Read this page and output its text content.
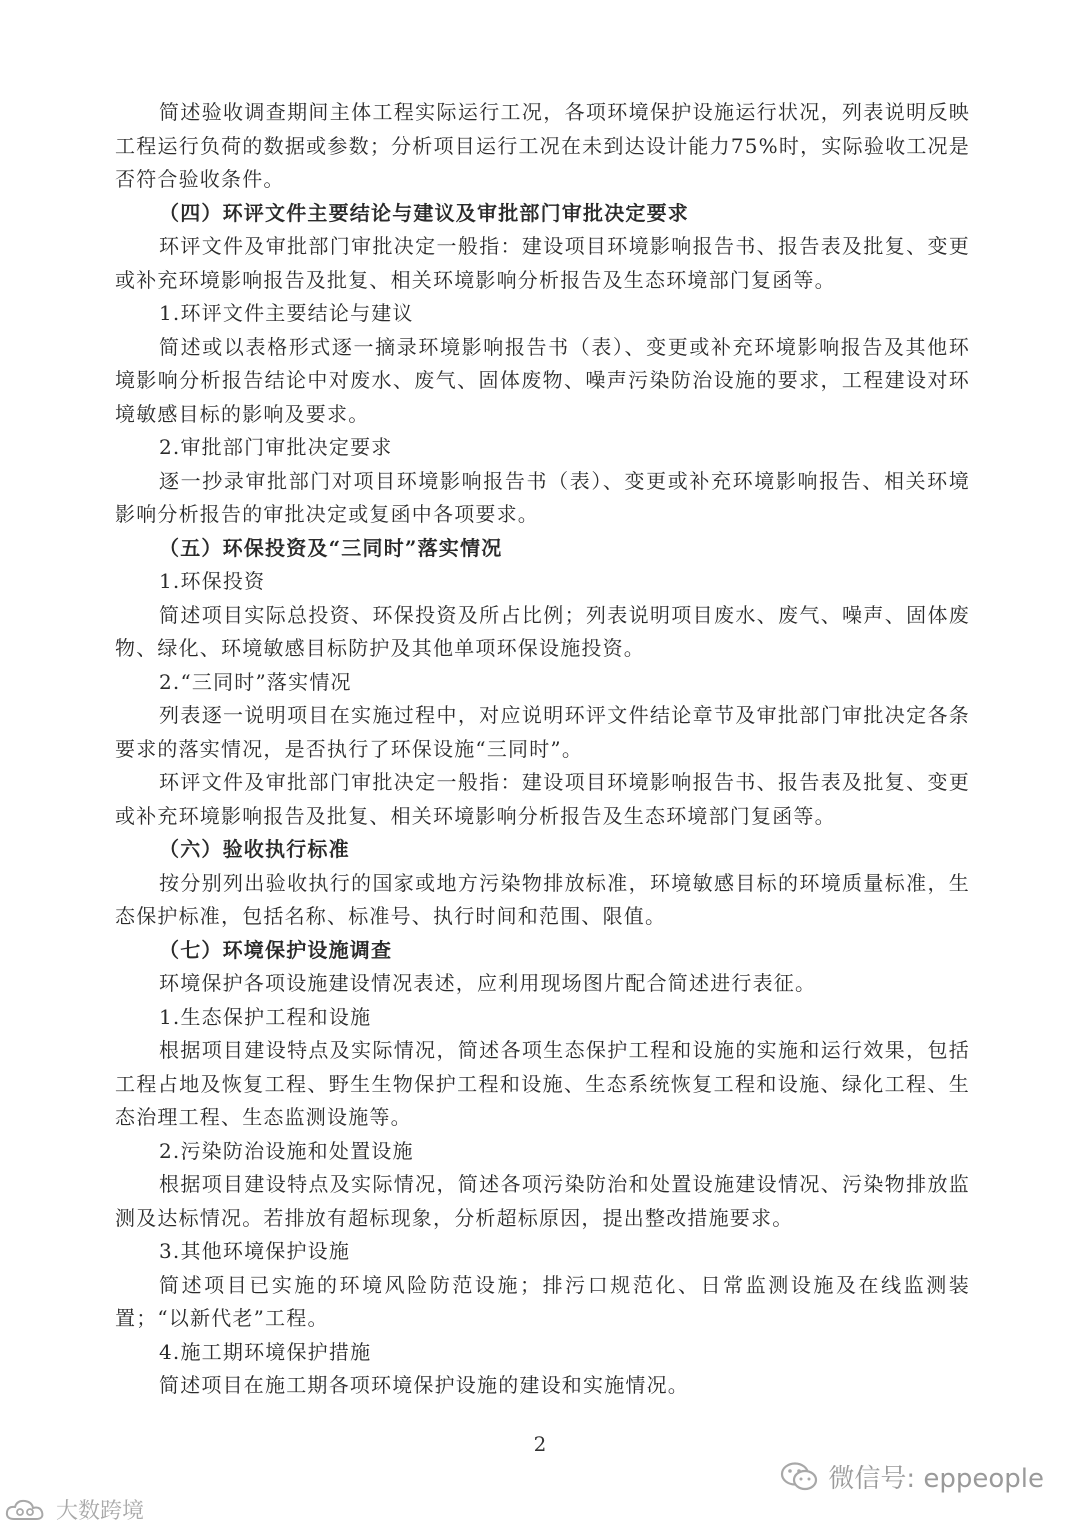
简述验收调查期间主体工程实际运行工况，各项环境保护设施运行状况，列表说明反映工程运行负荷的数据或参数；分析项目运行工况在未到达设计能力75%时，实际验收工况是否符合验收条件。

（四）环评文件主要结论与建议及审批部门审批决定要求

环评文件及审批部门审批决定一般指：建设项目环境影响报告书、报告表及批复、变更或补充环境影响报告及批复、相关环境影响分析报告及生态环境部门复函等。

1.环评文件主要结论与建议

简述或以表格形式逐一摘录环境影响报告书（表）、变更或补充环境影响报告及其他环境影响分析报告结论中对废水、废气、固体废物、噪声污染防治设施的要求，工程建设对环境敏感目标的影响及要求。

2.审批部门审批决定要求

逐一抄录审批部门对项目环境影响报告书（表）、变更或补充环境影响报告、相关环境影响分析报告的审批决定或复函中各项要求。

（五）环保投资及“三同时”落实情况

1.环保投资

简述项目实际总投资、环保投资及所占比例；列表说明项目废水、废气、噪声、固体废物、绿化、环境敏感目标防护及其他单项环保设施投资。

2.“三同时”落实情况

列表逐一说明项目在实施过程中，对应说明环评文件结论章节及审批部门审批决定各条要求的落实情况，是否执行了环保设施“三同时”。

环评文件及审批部门审批决定一般指：建设项目环境影响报告书、报告表及批复、变更或补充环境影响报告及批复、相关环境影响分析报告及生态环境部门复函等。

（六）验收执行标准

按分别列出验收执行的国家或地方污染物排放标准，环境敏感目标的环境质量标准，生态保护标准，包括名称、标准号、执行时间和范围、限值。

（七）环境保护设施调查

环境保护各项设施建设情况表述，应利用现场图片配合简述进行表征。

1.生态保护工程和设施

根据项目建设特点及实际情况，简述各项生态保护工程和设施的实施和运行效果，包括工程占地及恢复工程、野生生物保护工程和设施、生态系统恢复工程和设施、绿化工程、生态治理工程、生态监测设施等。

2.污染防治设施和处置设施

根据项目建设特点及实际情况，简述各项污染防治和处置设施建设情况、污染物排放监测及达标情况。若排放有超标现象，分析超标原因，提出整改措施要求。

3.其他环境保护设施

简述项目已实施的环境风险防范设施；排污口规范化、日常监测设施及在线监测装置；“以新代老”工程。

4.施工期环境保护措施

简述项目在施工期各项环境保护设施的建设和实施情况。

2
微信号: eppeople
大数跨境
